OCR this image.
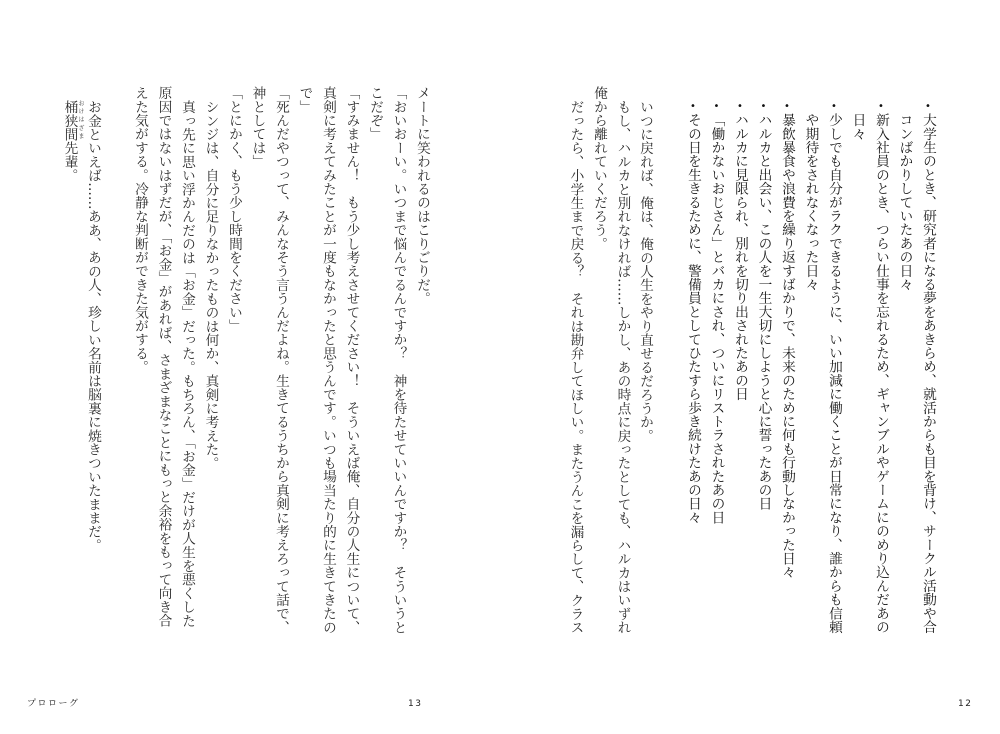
•
大学生のとき、研究者になる夢をあきらめ、就活からも目を背け、サークル活動や合
コンばかりしていたあの日々
•
新入社員のとき、つらい仕事を忘れるため、ギャンブルやゲームにのめり込んだあの
日々
•
少しでも自分がラクできるように、いい加減に働くことが日常になり、誰からも信頼
や期待をされなくなった日々
•
暴飲暴食や浪費を繰り返すばかりで、未来のために何も行動しなかった日々
•
ハルカと出会い、この人を一生大切にしようと心に誓ったあの日
•
ハルカに見限られ、別れを切り出されたあの日
•
「働かないおじさん」とバカにされ、ついにリストラされたあの日
•
その日を生きるために、警備員としてひたすら歩き続けたあの日々
いつに戻れば、俺は、俺の人生をやり直せるだろうか。
もし、ハルカと別れなければ……しかし、あの時点に戻ったとしても、ハルカはいずれ
俺から離れていくだろう。
だったら、小学生まで戻る？　それは勘弁してほしい。またうんこを漏らして、クラス
12
メートに笑われるのはこりごりだ。
「おいおーい。いつまで悩んでるんですか？　神を待たせていいんですか？　そういうと
こだぞ」
「すみません！　もう少し考えさせてください！　そういえば俺、自分の人生について、
真剣に考えてみたことが一度もなかったと思うんです。いつも場当たり的に生きてきたの
で」
「死んだやつって、みんなそう言うんだよね。生きてるうちから真剣に考えろって話で、
神としては」
「とにかく、もう少し時間をください」
シンジは、自分に足りなかったものは何か、真剣に考えた。
真っ先に思い浮かんだのは「お金」だった。もちろん、「お金」だけが人生を悪くした
原因ではないはずだが、「お金」があれば、さまざまなことにもっと余裕をもって向き合
えた気がする。冷静な判断ができた気がする。
お金といえば……ああ、あの人、珍しい名前は脳裏に焼きついたままだ。
おけはざま
桶狭間先輩。
プロローグ	13
